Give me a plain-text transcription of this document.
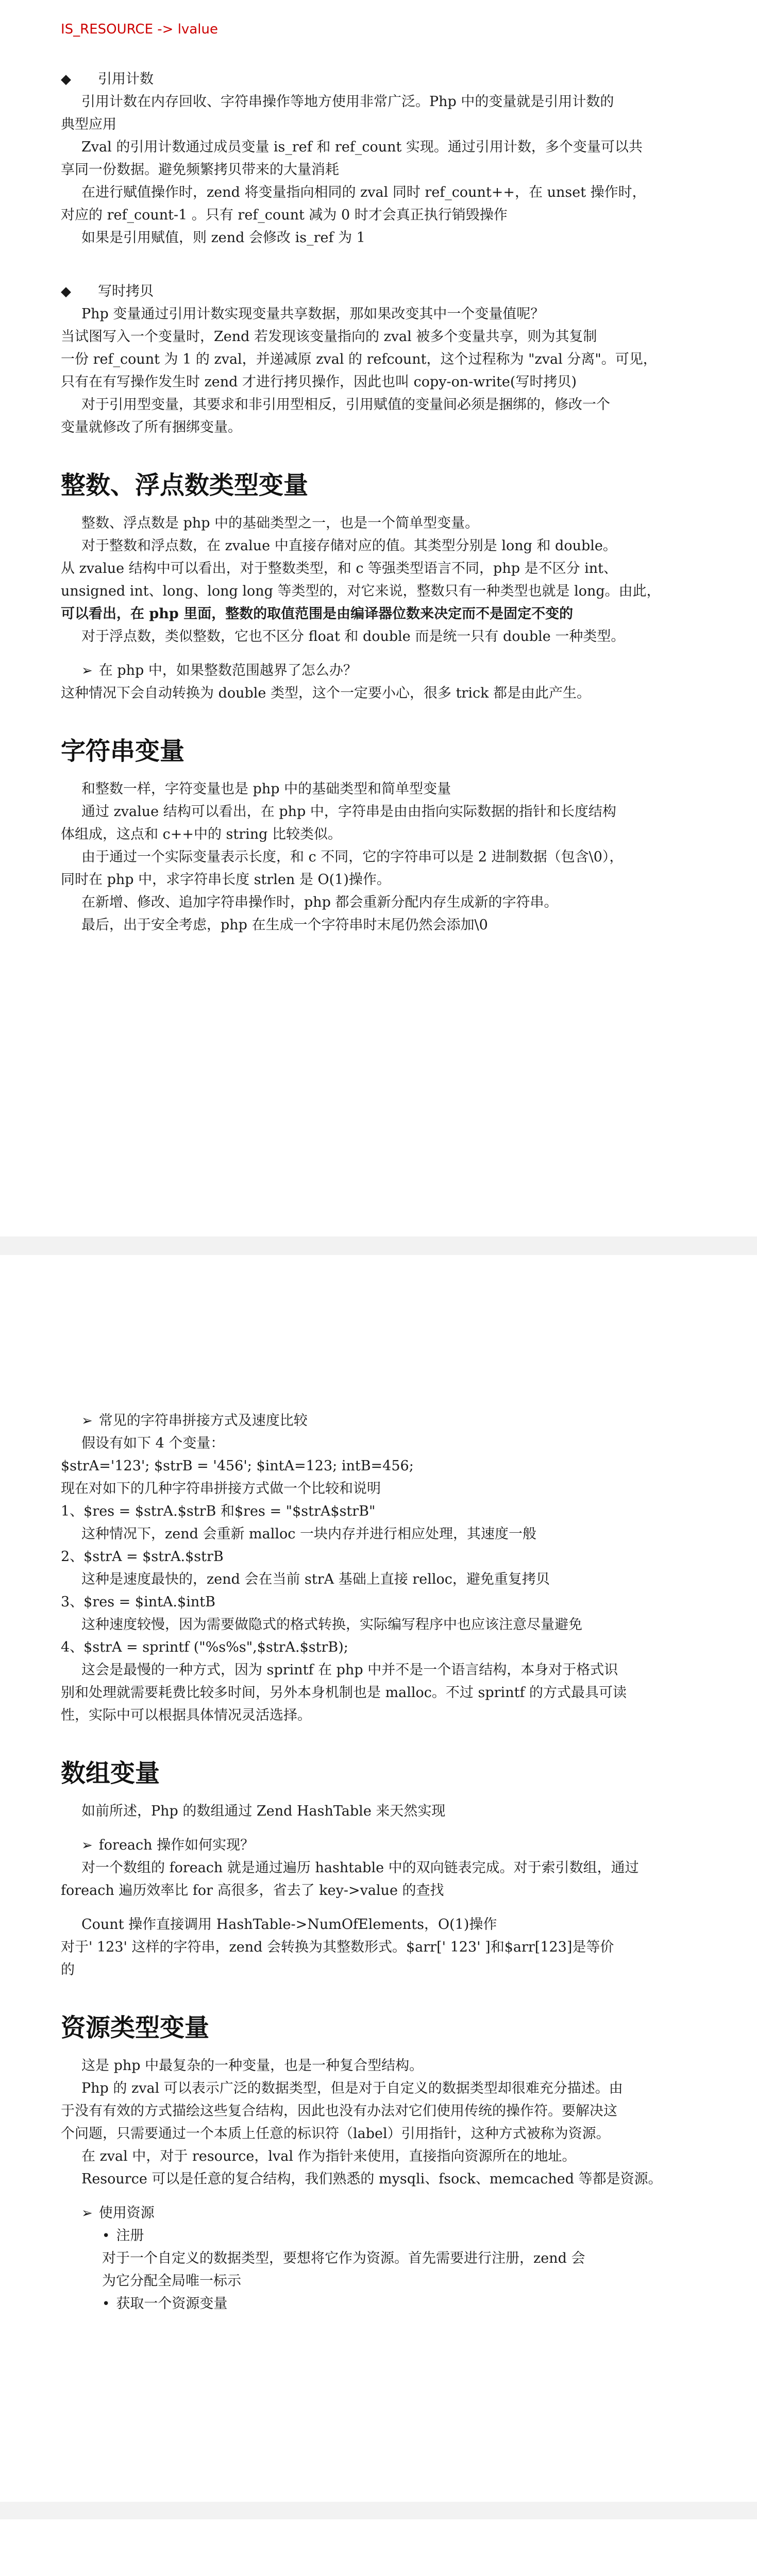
IS_RESOURCE -> lvalue

◆ 引用计数

引用计数在内存回收、字符串操作等地方使用非常广泛。Php 中的变量就是引用计数的

典型应用

Zval 的引用计数通过成员变量 is_ref 和 ref_count 实现。通过引用计数，多个变量可以共

享同一份数据。避免频繁拷贝带来的大量消耗

在进行赋值操作时，zend 将变量指向相同的 zval 同时 ref_count++，在 unset 操作时，

对应的 ref_count-1 。只有 ref_count 减为 0 时才会真正执行销毁操作

如果是引用赋值，则 zend 会修改 is_ref 为 1

◆ 写时拷贝

Php 变量通过引用计数实现变量共享数据，那如果改变其中一个变量值呢？

当试图写入一个变量时，Zend 若发现该变量指向的 zval 被多个变量共享，则为其复制

一份 ref_count 为 1 的 zval，并递减原 zval 的 refcount，这个过程称为 "zval 分离"。可见，

只有在有写操作发生时 zend 才进行拷贝操作，因此也叫 copy-on-write(写时拷贝)

对于引用型变量，其要求和非引用型相反，引用赋值的变量间必须是捆绑的，修改一个

变量就修改了所有捆绑变量。

整数、浮点数类型变量

整数、浮点数是 php 中的基础类型之一，也是一个简单型变量。

对于整数和浮点数，在 zvalue 中直接存储对应的值。其类型分别是 long 和 double。

从 zvalue 结构中可以看出，对于整数类型，和 c 等强类型语言不同，php 是不区分 int、

unsigned int、long、long long 等类型的，对它来说，整数只有一种类型也就是 long。由此，

可以看出，在 php 里面，整数的取值范围是由编译器位数来决定而不是固定不变的

对于浮点数，类似整数，它也不区分 float 和 double 而是统一只有 double 一种类型。

➢ 在 php 中，如果整数范围越界了怎么办？

这种情况下会自动转换为 double 类型，这个一定要小心，很多 trick 都是由此产生。

字符串变量

和整数一样，字符变量也是 php 中的基础类型和简单型变量

通过 zvalue 结构可以看出，在 php 中，字符串是由由指向实际数据的指针和长度结构

体组成，这点和 c++中的 string 比较类似。

由于通过一个实际变量表示长度，和 c 不同，它的字符串可以是 2 进制数据（包含\0），

同时在 php 中，求字符串长度 strlen 是 O(1)操作。

在新增、修改、追加字符串操作时，php 都会重新分配内存生成新的字符串。

最后，出于安全考虑，php 在生成一个字符串时末尾仍然会添加\0

➢ 常见的字符串拼接方式及速度比较

假设有如下 4 个变量：

$strA='123'; $strB = '456'; $intA=123; intB=456;

现在对如下的几种字符串拼接方式做一个比较和说明

1、$res = $strA.$strB 和$res = "$strA$strB"

这种情况下，zend 会重新 malloc 一块内存并进行相应处理，其速度一般

2、$strA = $strA.$strB

这种是速度最快的，zend 会在当前 strA 基础上直接 relloc，避免重复拷贝

3、$res = $intA.$intB

这种速度较慢，因为需要做隐式的格式转换，实际编写程序中也应该注意尽量避免

4、$strA = sprintf ("%s%s",$strA.$strB);

这会是最慢的一种方式，因为 sprintf 在 php 中并不是一个语言结构，本身对于格式识

别和处理就需要耗费比较多时间，另外本身机制也是 malloc。不过 sprintf 的方式最具可读

性，实际中可以根据具体情况灵活选择。

数组变量

如前所述，Php 的数组通过 Zend HashTable 来天然实现

➢ foreach 操作如何实现？

对一个数组的 foreach 就是通过遍历 hashtable 中的双向链表完成。对于索引数组，通过

foreach 遍历效率比 for 高很多，省去了 key->value 的查找

Count 操作直接调用 HashTable->NumOfElements，O(1)操作

对于' 123' 这样的字符串，zend 会转换为其整数形式。$arr[' 123' ]和$arr[123]是等价

的

资源类型变量

这是 php 中最复杂的一种变量，也是一种复合型结构。

Php 的 zval 可以表示广泛的数据类型，但是对于自定义的数据类型却很难充分描述。由

于没有有效的方式描绘这些复合结构，因此也没有办法对它们使用传统的操作符。要解决这

个问题，只需要通过一个本质上任意的标识符（label）引用指针，这种方式被称为资源。

在 zval 中，对于 resource，lval 作为指针来使用，直接指向资源所在的地址。

Resource 可以是任意的复合结构，我们熟悉的 mysqli、fsock、memcached 等都是资源。

➢ 使用资源

• 注册

对于一个自定义的数据类型，要想将它作为资源。首先需要进行注册，zend 会

为它分配全局唯一标示

• 获取一个资源变量
